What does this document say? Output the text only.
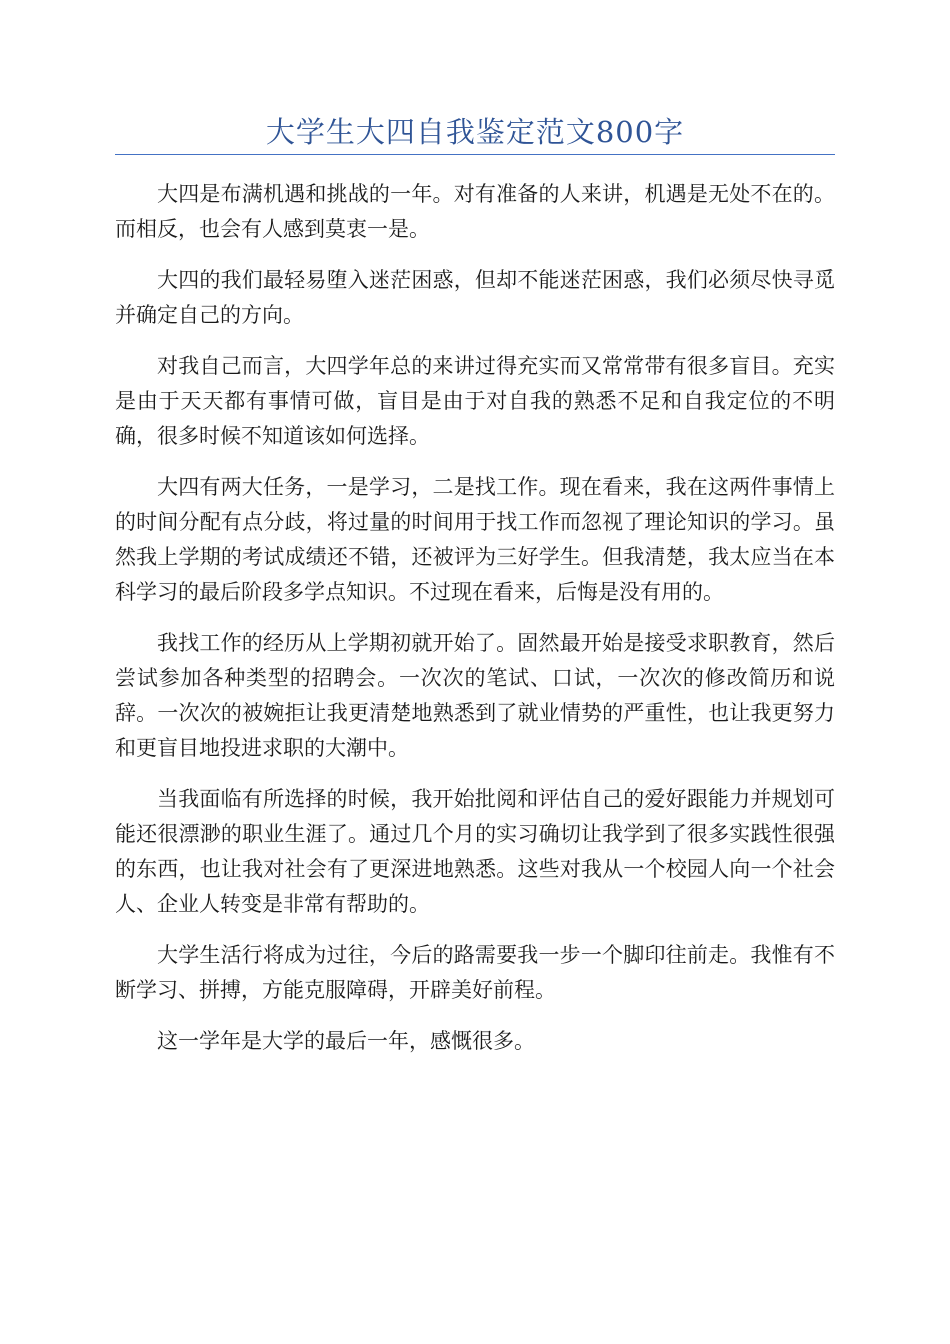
大学生大四自我鉴定范文800字

大四是布满机遇和挑战的一年。对有准备的人来讲，机遇是无处不在的。而相反，也会有人感到莫衷一是。

大四的我们最轻易堕入迷茫困惑，但却不能迷茫困惑，我们必须尽快寻觅并确定自己的方向。

对我自己而言，大四学年总的来讲过得充实而又常常带有很多盲目。充实是由于天天都有事情可做，盲目是由于对自我的熟悉不足和自我定位的不明确，很多时候不知道该如何选择。

大四有两大任务，一是学习，二是找工作。现在看来，我在这两件事情上的时间分配有点分歧，将过量的时间用于找工作而忽视了理论知识的学习。虽然我上学期的考试成绩还不错，还被评为三好学生。但我清楚，我太应当在本科学习的最后阶段多学点知识。不过现在看来，后悔是没有用的。

我找工作的经历从上学期初就开始了。固然最开始是接受求职教育，然后尝试参加各种类型的招聘会。一次次的笔试、口试，一次次的修改简历和说辞。一次次的被婉拒让我更清楚地熟悉到了就业情势的严重性，也让我更努力和更盲目地投进求职的大潮中。

当我面临有所选择的时候，我开始批阅和评估自己的爱好跟能力并规划可能还很漂渺的职业生涯了。通过几个月的实习确切让我学到了很多实践性很强的东西，也让我对社会有了更深进地熟悉。这些对我从一个校园人向一个社会人、企业人转变是非常有帮助的。

大学生活行将成为过往，今后的路需要我一步一个脚印往前走。我惟有不断学习、拼搏，方能克服障碍，开辟美好前程。

这一学年是大学的最后一年，感慨很多。
